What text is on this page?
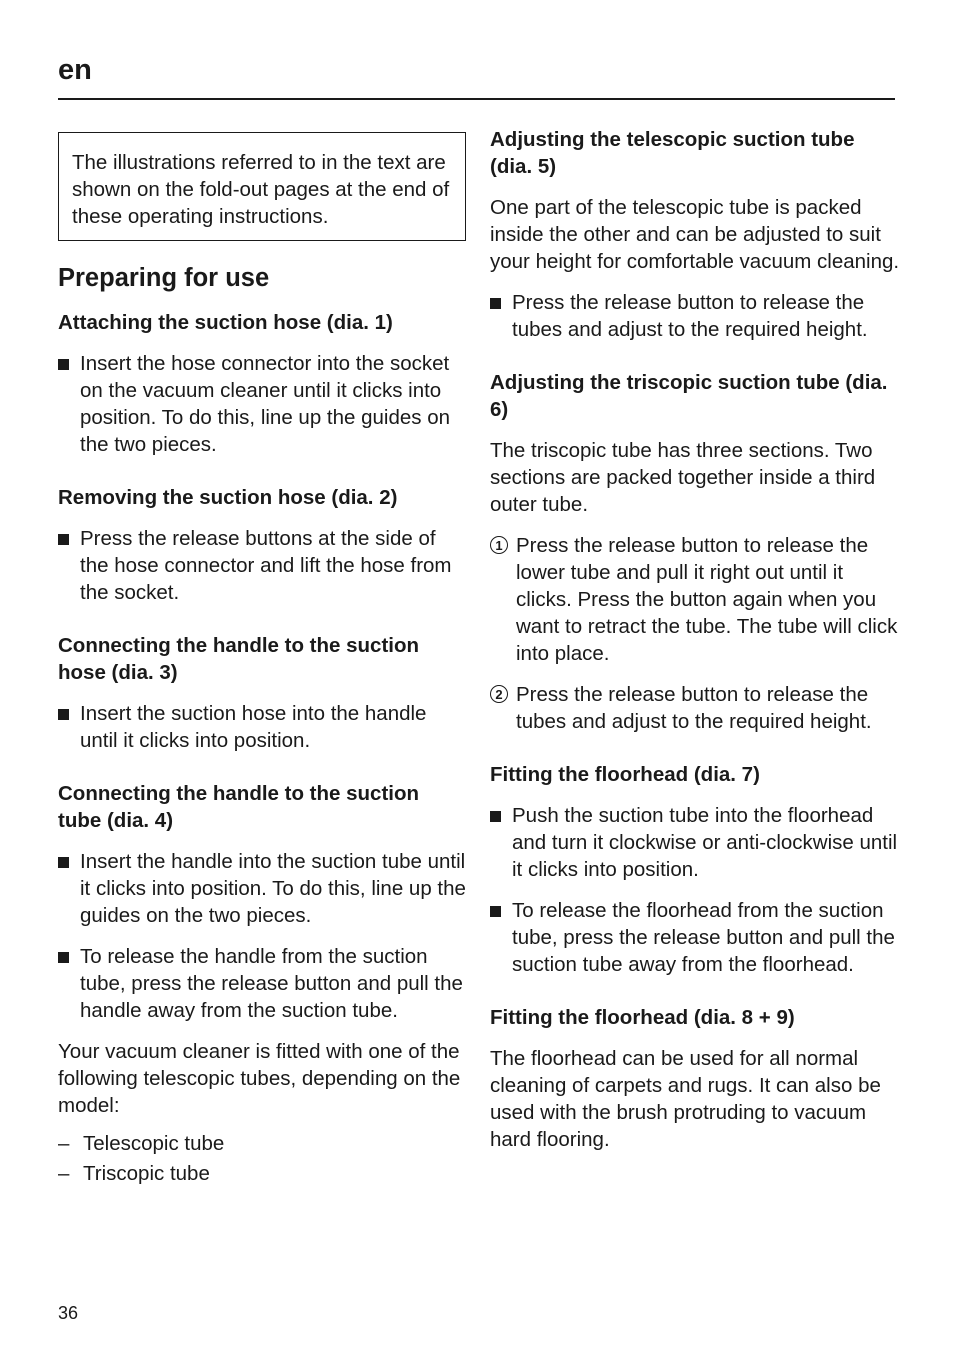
en
The illustrations referred to in the text are shown on the fold-out pages at the end of these operating instructions.
Preparing for use
Attaching the suction hose (dia. 1)
Insert the hose connector into the socket on the vacuum cleaner until it clicks into position. To do this, line up the guides on the two pieces.
Removing the suction hose (dia. 2)
Press the release buttons at the side of the hose connector and lift the hose from the socket.
Connecting the handle to the suction hose (dia. 3)
Insert the suction hose into the handle until it clicks into position.
Connecting the handle to the suction tube (dia. 4)
Insert the handle into the suction tube until it clicks into position. To do this, line up the guides on the two pieces.
To release the handle from the suction tube, press the release button and pull the handle away from the suction tube.

Your vacuum cleaner is fitted with one of the following telescopic tubes, depending on the model:

– Telescopic tube
– Triscopic tube
Adjusting the telescopic suction tube (dia. 5)

One part of the telescopic tube is packed inside the other and can be adjusted to suit your height for comfortable vacuum cleaning.

Press the release button to release the tubes and adjust to the required height.
Adjusting the triscopic suction tube (dia. 6)

The triscopic tube has three sections. Two sections are packed together inside a third outer tube.

1 Press the release button to release the lower tube and pull it right out until it clicks. Press the button again when you want to retract the tube. The tube will click into place.
2 Press the release button to release the tubes and adjust to the required height.
Fitting the floorhead (dia. 7)
Push the suction tube into the floorhead and turn it clockwise or anti-clockwise until it clicks into position.
To release the floorhead from the suction tube, press the release button and pull the suction tube away from the floorhead.
Fitting the floorhead (dia. 8 + 9)

The floorhead can be used for all normal cleaning of carpets and rugs. It can also be used with the brush protruding to vacuum hard flooring.

36
